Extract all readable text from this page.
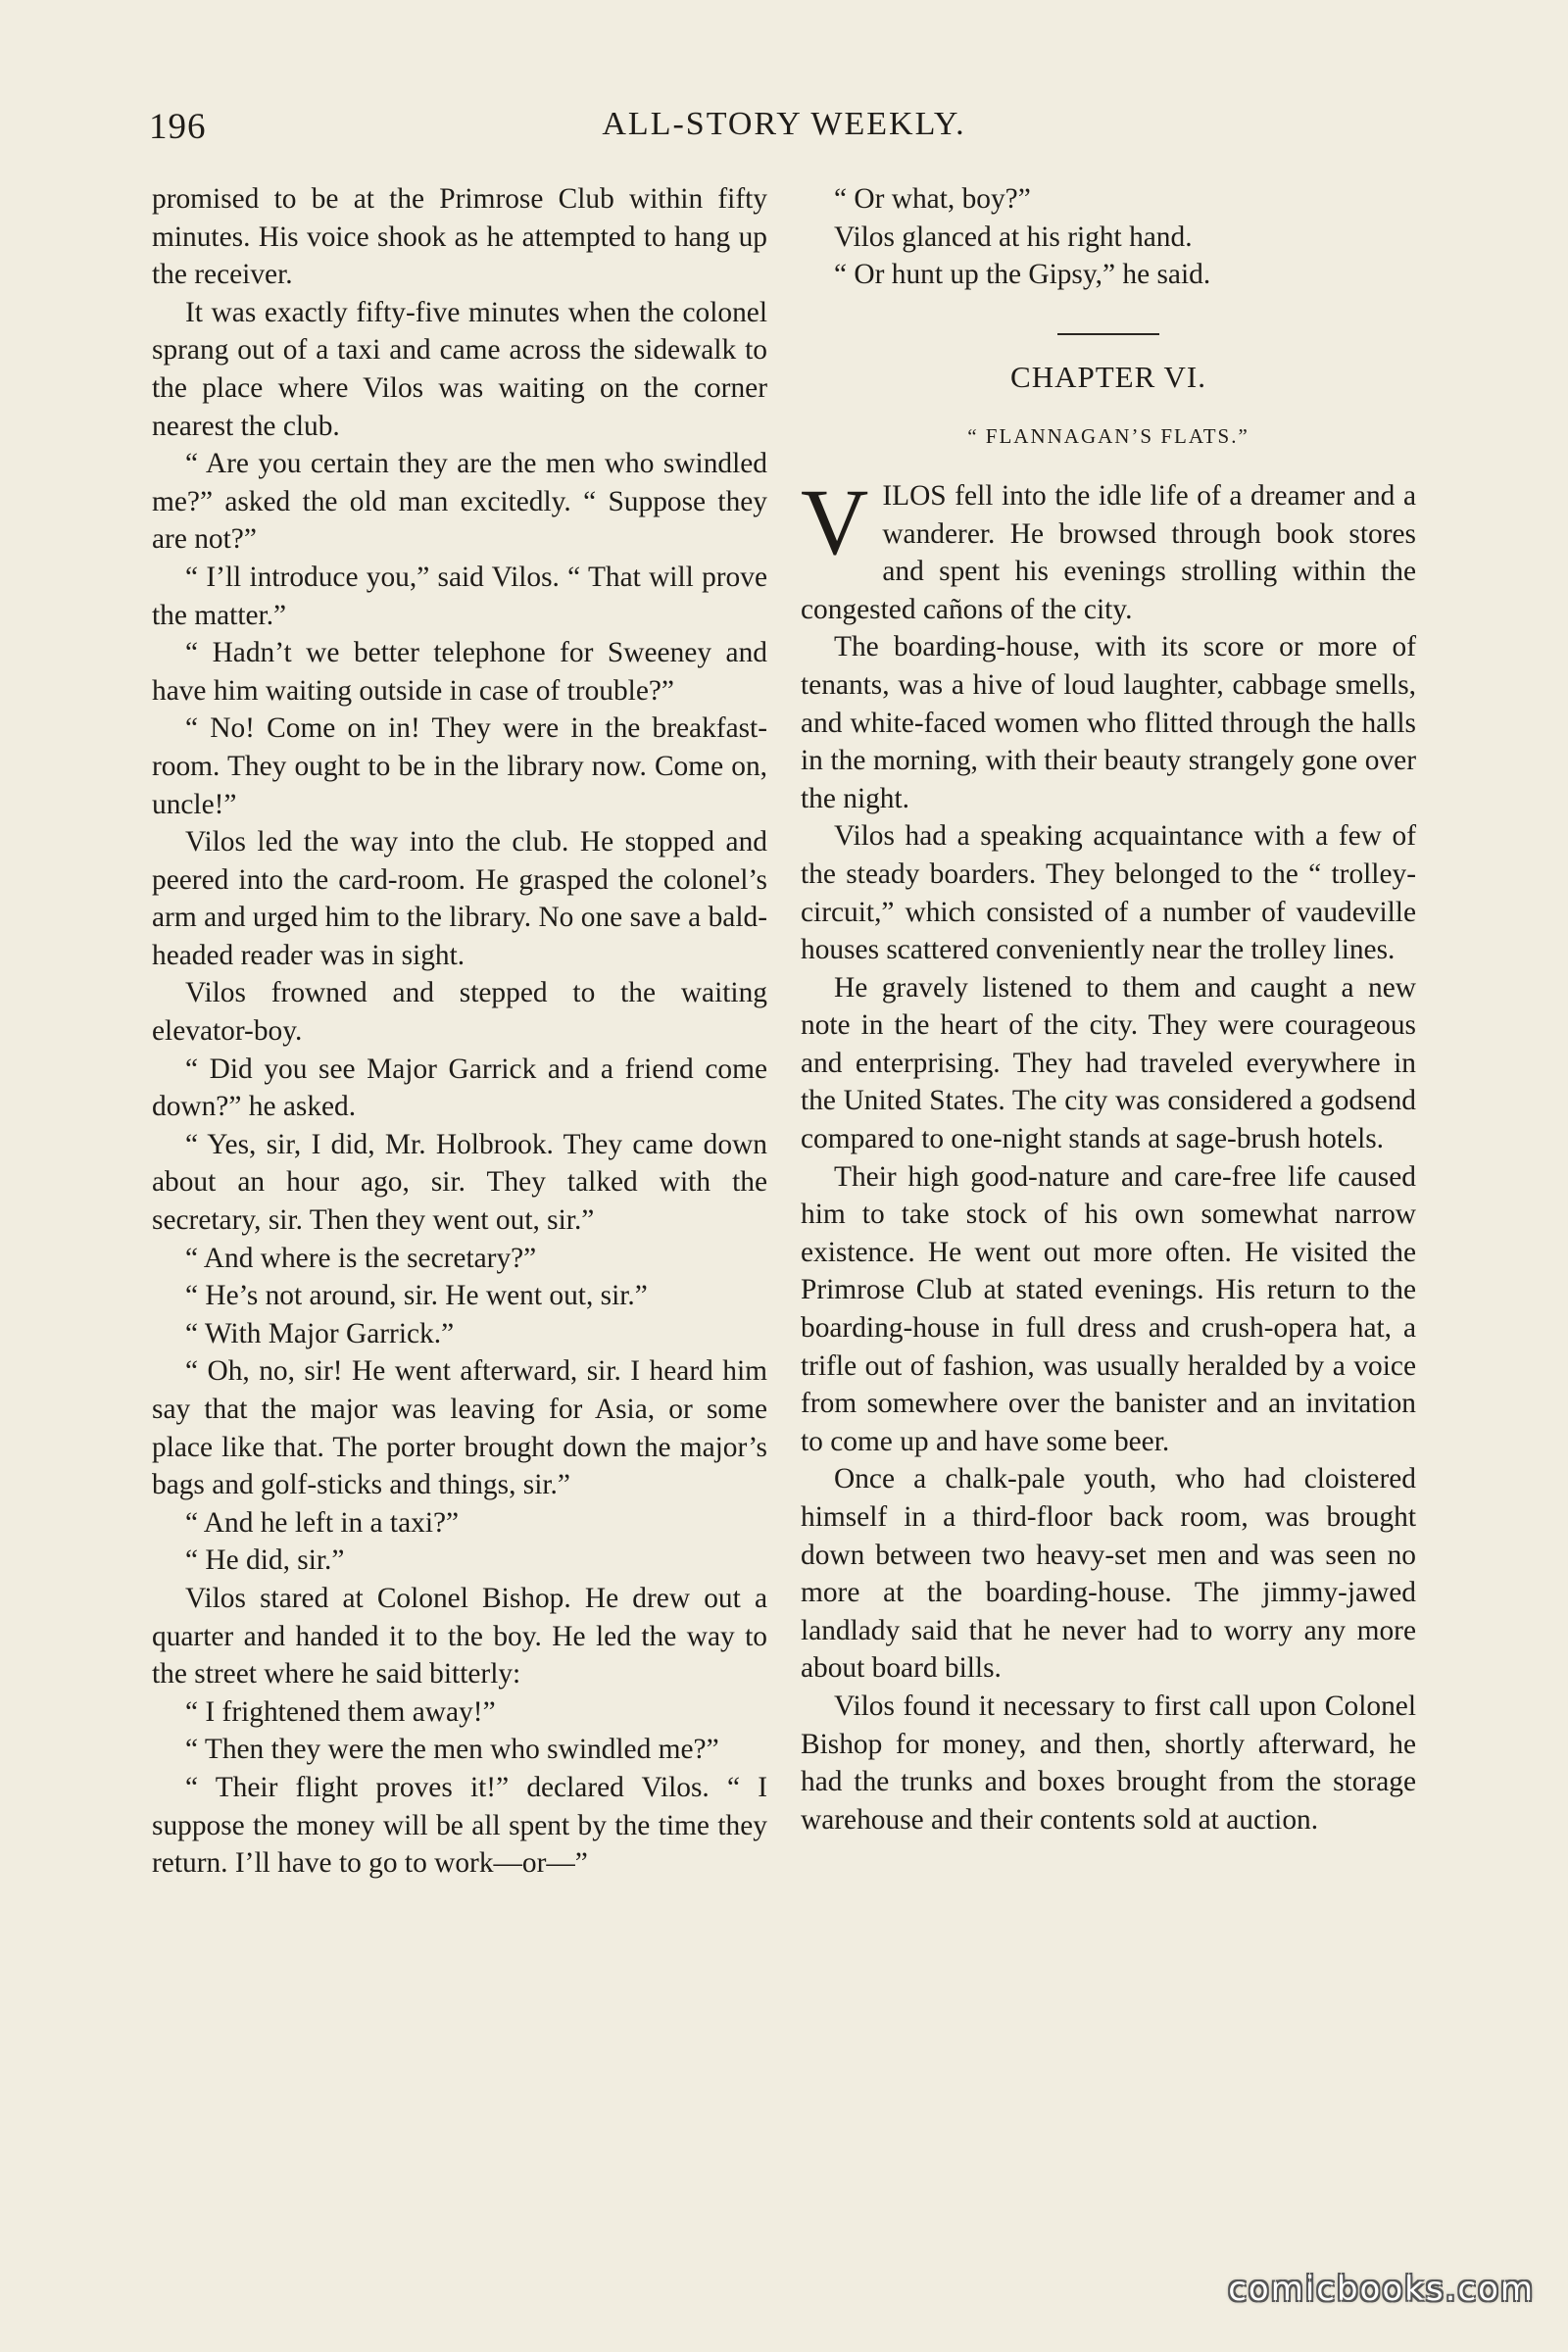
196	ALL-STORY WEEKLY.

promised to be at the Primrose Club within fifty minutes. His voice shook as he attempted to hang up the receiver.

It was exactly fifty-five minutes when the colonel sprang out of a taxi and came across the sidewalk to the place where Vilos was waiting on the corner nearest the club.

“ Are you certain they are the men who swindled me?” asked the old man excitedly. “ Suppose they are not?”

“ I’ll introduce you,” said Vilos. “ That will prove the matter.”

“ Hadn’t we better telephone for Sweeney and have him waiting outside in case of trouble?”

“ No! Come on in! They were in the breakfast-room. They ought to be in the library now. Come on, uncle!”

Vilos led the way into the club. He stopped and peered into the card-room. He grasped the colonel’s arm and urged him to the library. No one save a bald-headed reader was in sight.

Vilos frowned and stepped to the waiting elevator-boy.

“ Did you see Major Garrick and a friend come down?” he asked.

“ Yes, sir, I did, Mr. Holbrook. They came down about an hour ago, sir. They talked with the secretary, sir. Then they went out, sir.”

“ And where is the secretary?”

“ He’s not around, sir. He went out, sir.”

“ With Major Garrick.”

“ Oh, no, sir! He went afterward, sir. I heard him say that the major was leaving for Asia, or some place like that. The porter brought down the major’s bags and golf-sticks and things, sir.”

“ And he left in a taxi?”

“ He did, sir.”

Vilos stared at Colonel Bishop. He drew out a quarter and handed it to the boy. He led the way to the street where he said bitterly:

“ I frightened them away!”

“ Then they were the men who swindled me?”

“ Their flight proves it!” declared Vilos. “ I suppose the money will be all spent by the time they return. I’ll have to go to work—or—”

“ Or what, boy?”

Vilos glanced at his right hand.

“ Or hunt up the Gipsy,” he said.

CHAPTER VI.
“ FLANNAGAN’S FLATS.”

VILOS fell into the idle life of a dreamer and a wanderer. He browsed through book stores and spent his evenings strolling within the congested cañons of the city.

The boarding-house, with its score or more of tenants, was a hive of loud laughter, cabbage smells, and white-faced women who flitted through the halls in the morning, with their beauty strangely gone over the night.

Vilos had a speaking acquaintance with a few of the steady boarders. They belonged to the “ trolley-circuit,” which consisted of a number of vaudeville houses scattered conveniently near the trolley lines.

He gravely listened to them and caught a new note in the heart of the city. They were courageous and enterprising. They had traveled everywhere in the United States. The city was considered a godsend compared to one-night stands at sage-brush hotels.

Their high good-nature and care-free life caused him to take stock of his own somewhat narrow existence. He went out more often. He visited the Primrose Club at stated evenings. His return to the boarding-house in full dress and crush-opera hat, a trifle out of fashion, was usually heralded by a voice from somewhere over the banister and an invitation to come up and have some beer.

Once a chalk-pale youth, who had cloistered himself in a third-floor back room, was brought down between two heavy-set men and was seen no more at the boarding-house. The jimmy-jawed landlady said that he never had to worry any more about board bills.

Vilos found it necessary to first call upon Colonel Bishop for money, and then, shortly afterward, he had the trunks and boxes brought from the storage warehouse and their contents sold at auction.

comicbooks.com
